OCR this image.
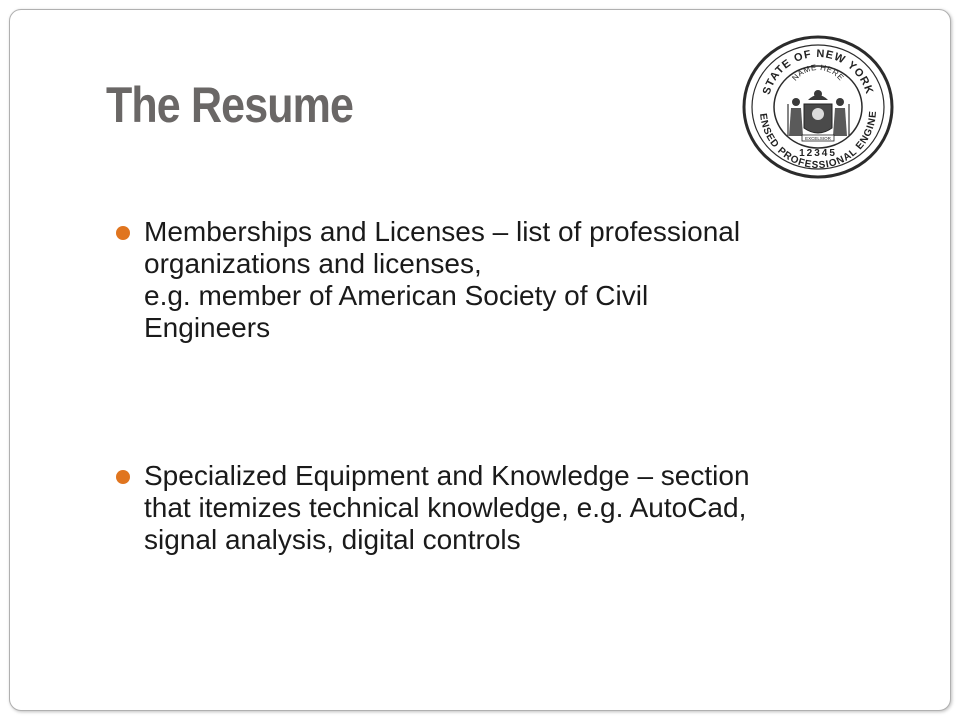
The Resume	STATE OF NEW YORK
ENSED PROFESSIONAL ENGINE
NAME HERE
EXCELSIOR
12345
Memberships and Licenses – list of professional
organizations and licenses,
e.g. member of American Society of Civil
Engineers
Specialized Equipment and Knowledge – section
that itemizes technical knowledge, e.g. AutoCad,
signal analysis, digital controls
